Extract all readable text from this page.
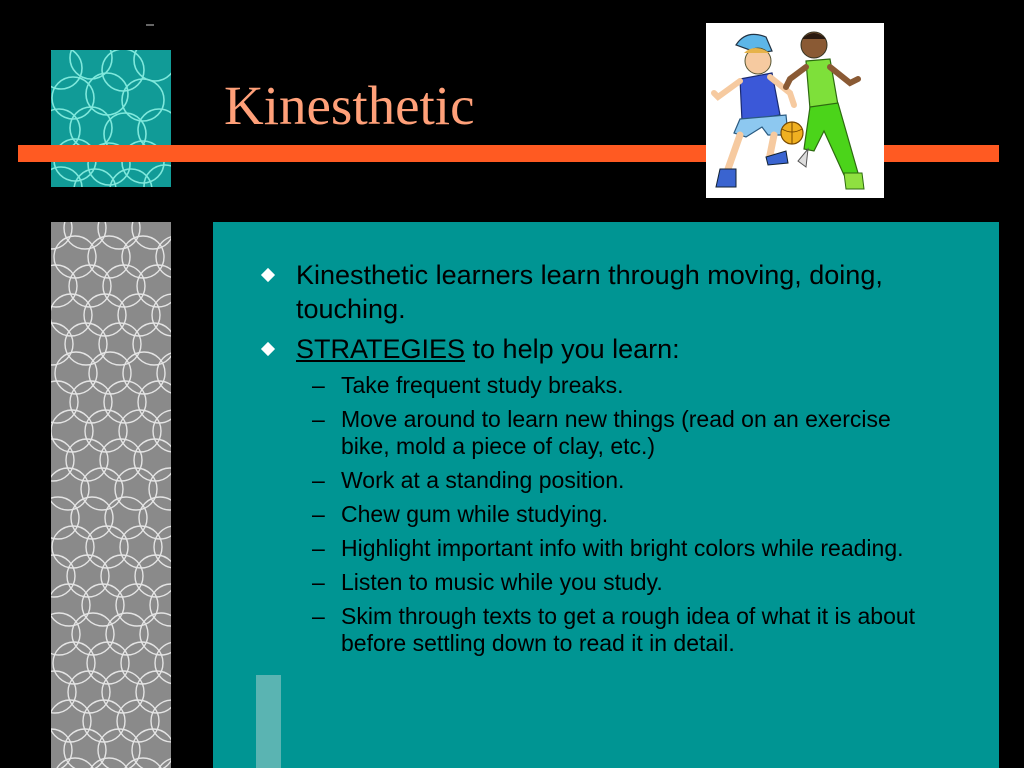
Kinesthetic
Kinesthetic learners learn through moving, doing, touching.
STRATEGIES to help you learn:
– Take frequent study breaks.
– Move around to learn new things (read on an exercise bike, mold a piece of clay, etc.)
– Work at a standing position.
– Chew gum while studying.
– Highlight important info with bright colors while reading.
– Listen to music while you study.
– Skim through texts to get a rough idea of what it is about before settling down to read it in detail.
